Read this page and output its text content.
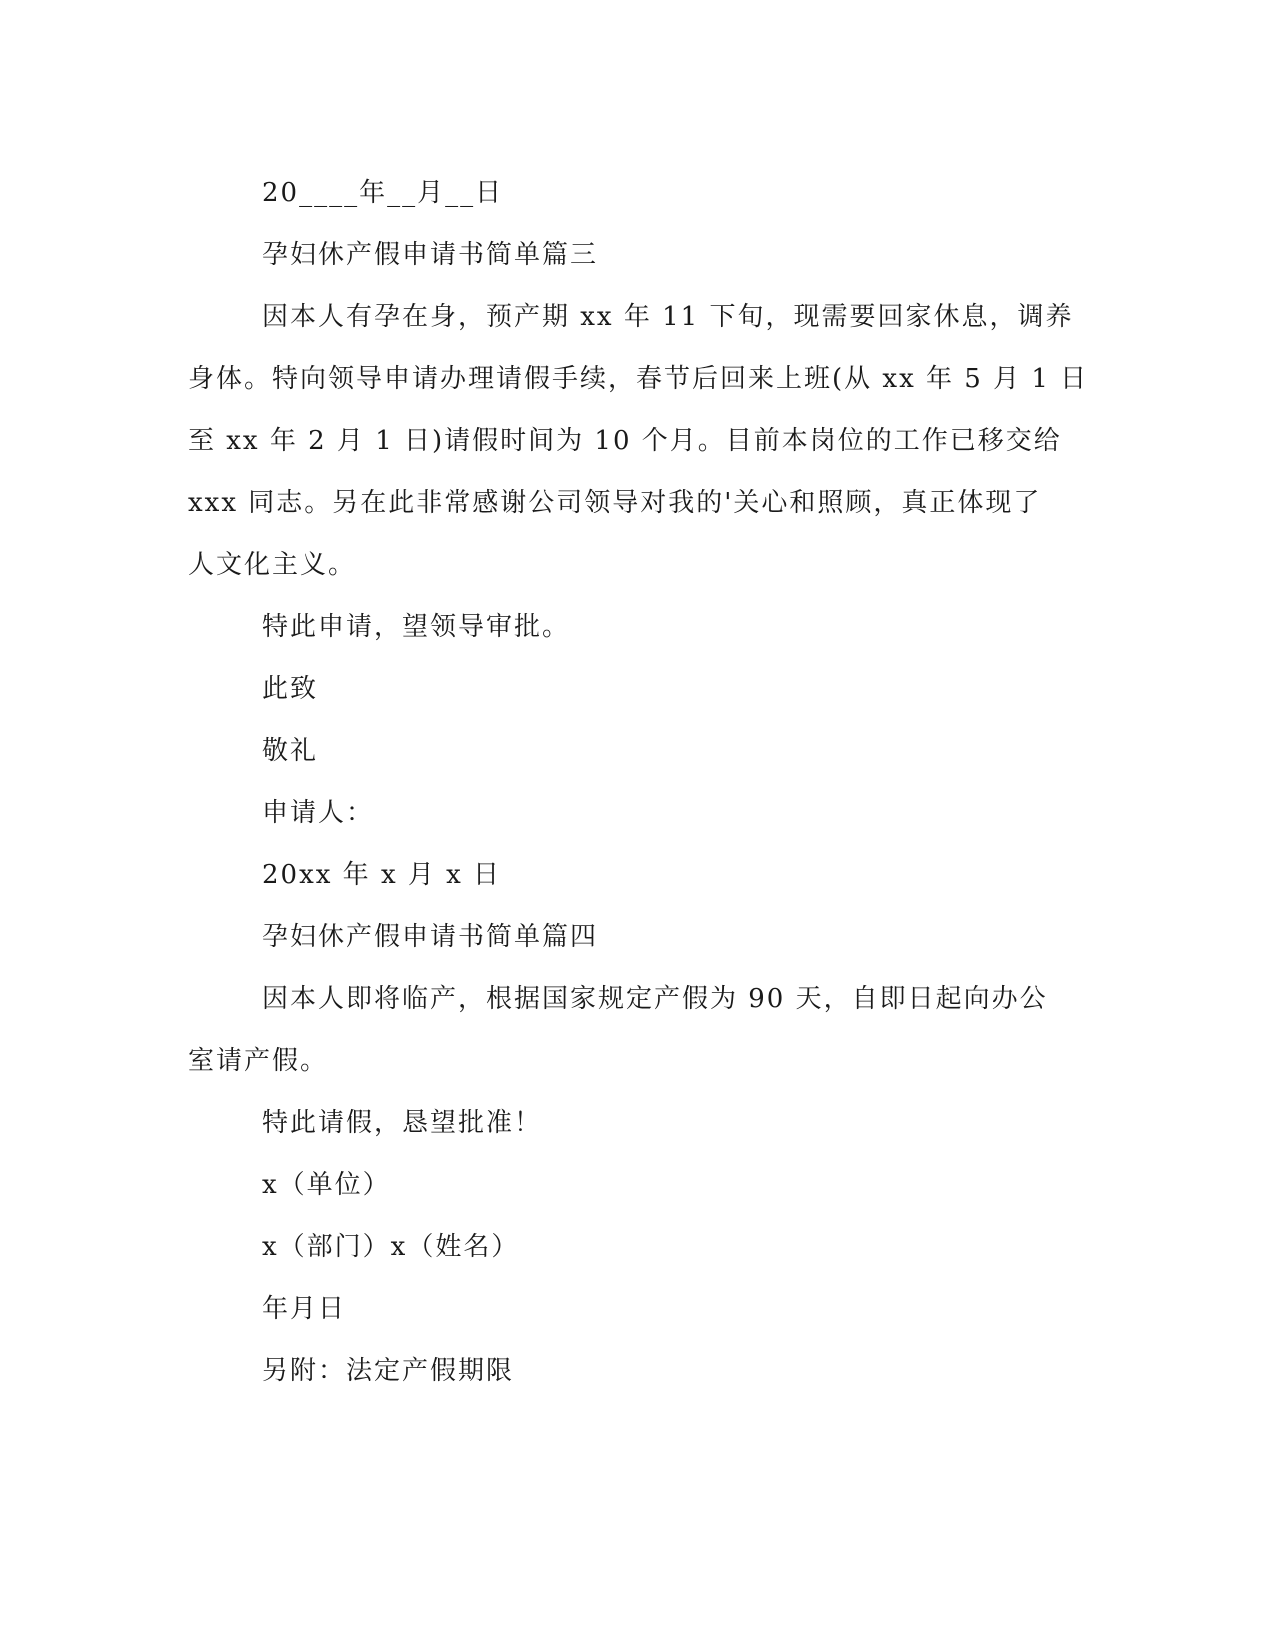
20____年__月__日
孕妇休产假申请书简单篇三
因本人有孕在身，预产期 xx 年 11 下旬，现需要回家休息，调养
身体。特向领导申请办理请假手续，春节后回来上班(从 xx 年 5 月 1 日
至 xx 年 2 月 1 日)请假时间为 10 个月。目前本岗位的工作已移交给
xxx 同志。另在此非常感谢公司领导对我的'关心和照顾，真正体现了
人文化主义。
特此申请，望领导审批。
此致
敬礼
申请人：
20xx 年 x 月 x 日
孕妇休产假申请书简单篇四
因本人即将临产，根据国家规定产假为 90 天，自即日起向办公
室请产假。
特此请假，恳望批准！
x（单位）
x（部门）x（姓名）
年月日
另附：法定产假期限
